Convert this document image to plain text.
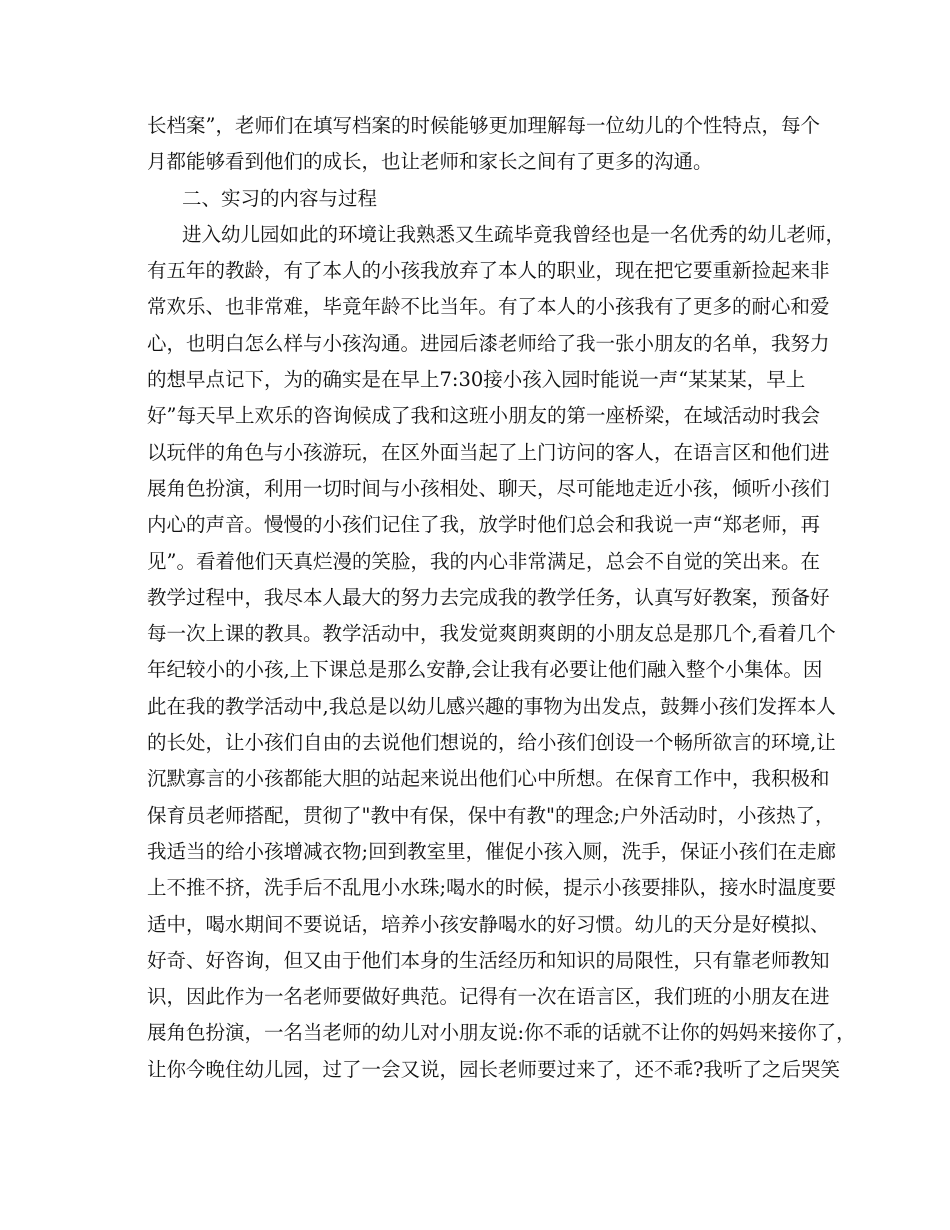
长档案”，老师们在填写档案的时候能够更加理解每一位幼儿的个性特点，每个

月都能够看到他们的成长，也让老师和家长之间有了更多的沟通。

二、实习的内容与过程

进入幼儿园如此的环境让我熟悉又生疏毕竟我曾经也是一名优秀的幼儿老师，

有五年的教龄，有了本人的小孩我放弃了本人的职业，现在把它要重新捡起来非

常欢乐、也非常难，毕竟年龄不比当年。有了本人的小孩我有了更多的耐心和爱

心，也明白怎么样与小孩沟通。进园后漆老师给了我一张小朋友的名单，我努力

的想早点记下，为的确实是在早上7:30接小孩入园时能说一声“某某某，早上

好”每天早上欢乐的咨询候成了我和这班小朋友的第一座桥梁，在域活动时我会

以玩伴的角色与小孩游玩，在区外面当起了上门访问的客人，在语言区和他们进

展角色扮演，利用一切时间与小孩相处、聊天，尽可能地走近小孩，倾听小孩们

内心的声音。慢慢的小孩们记住了我，放学时他们总会和我说一声“郑老师，再

见”。看着他们天真烂漫的笑脸，我的内心非常满足，总会不自觉的笑出来。在

教学过程中，我尽本人最大的努力去完成我的教学任务，认真写好教案，预备好

每一次上课的教具。教学活动中，我发觉爽朗爽朗的小朋友总是那几个,看着几个

年纪较小的小孩,上下课总是那么安静,会让我有必要让他们融入整个小集体。因

此在我的教学活动中,我总是以幼儿感兴趣的事物为出发点，鼓舞小孩们发挥本人

的长处，让小孩们自由的去说他们想说的，给小孩们创设一个畅所欲言的环境,让

沉默寡言的小孩都能大胆的站起来说出他们心中所想。在保育工作中，我积极和

保育员老师搭配，贯彻了"教中有保，保中有教"的理念;户外活动时，小孩热了，

我适当的给小孩增减衣物;回到教室里，催促小孩入厕，洗手，保证小孩们在走廊

上不推不挤，洗手后不乱甩小水珠;喝水的时候，提示小孩要排队，接水时温度要

适中，喝水期间不要说话，培养小孩安静喝水的好习惯。幼儿的天分是好模拟、

好奇、好咨询，但又由于他们本身的生活经历和知识的局限性，只有靠老师教知

识，因此作为一名老师要做好典范。记得有一次在语言区，我们班的小朋友在进

展角色扮演，一名当老师的幼儿对小朋友说:你不乖的话就不让你的妈妈来接你了，

让你今晚住幼儿园，过了一会又说，园长老师要过来了，还不乖?我听了之后哭笑
